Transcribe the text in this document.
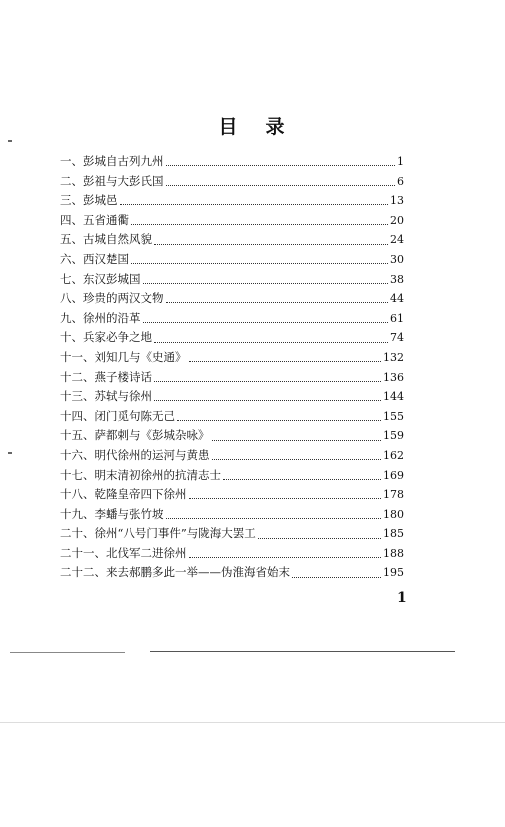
目 录
一、彭城自古列九州	1
二、彭祖与大彭氏国	6
三、彭城邑	13
四、五省通衢	20
五、古城自然风貌	24
六、西汉楚国	30
七、东汉彭城国	38
八、珍贵的两汉文物	44
九、徐州的沿革	61
十、兵家必争之地	74
十一、刘知几与《史通》	132
十二、燕子楼诗话	136
十三、苏轼与徐州	144
十四、闭门觅句陈无己	155
十五、萨都剌与《彭城杂咏》	159
十六、明代徐州的运河与黄患	162
十七、明末清初徐州的抗清志士	169
十八、乾隆皇帝四下徐州	178
十九、李蟠与张竹坡	180
二十、徐州“八号门事件”与陇海大罢工	185
二十一、北伐军二进徐州	188
二十二、来去郝鹏多此一举——伪淮海省始末	195
1
